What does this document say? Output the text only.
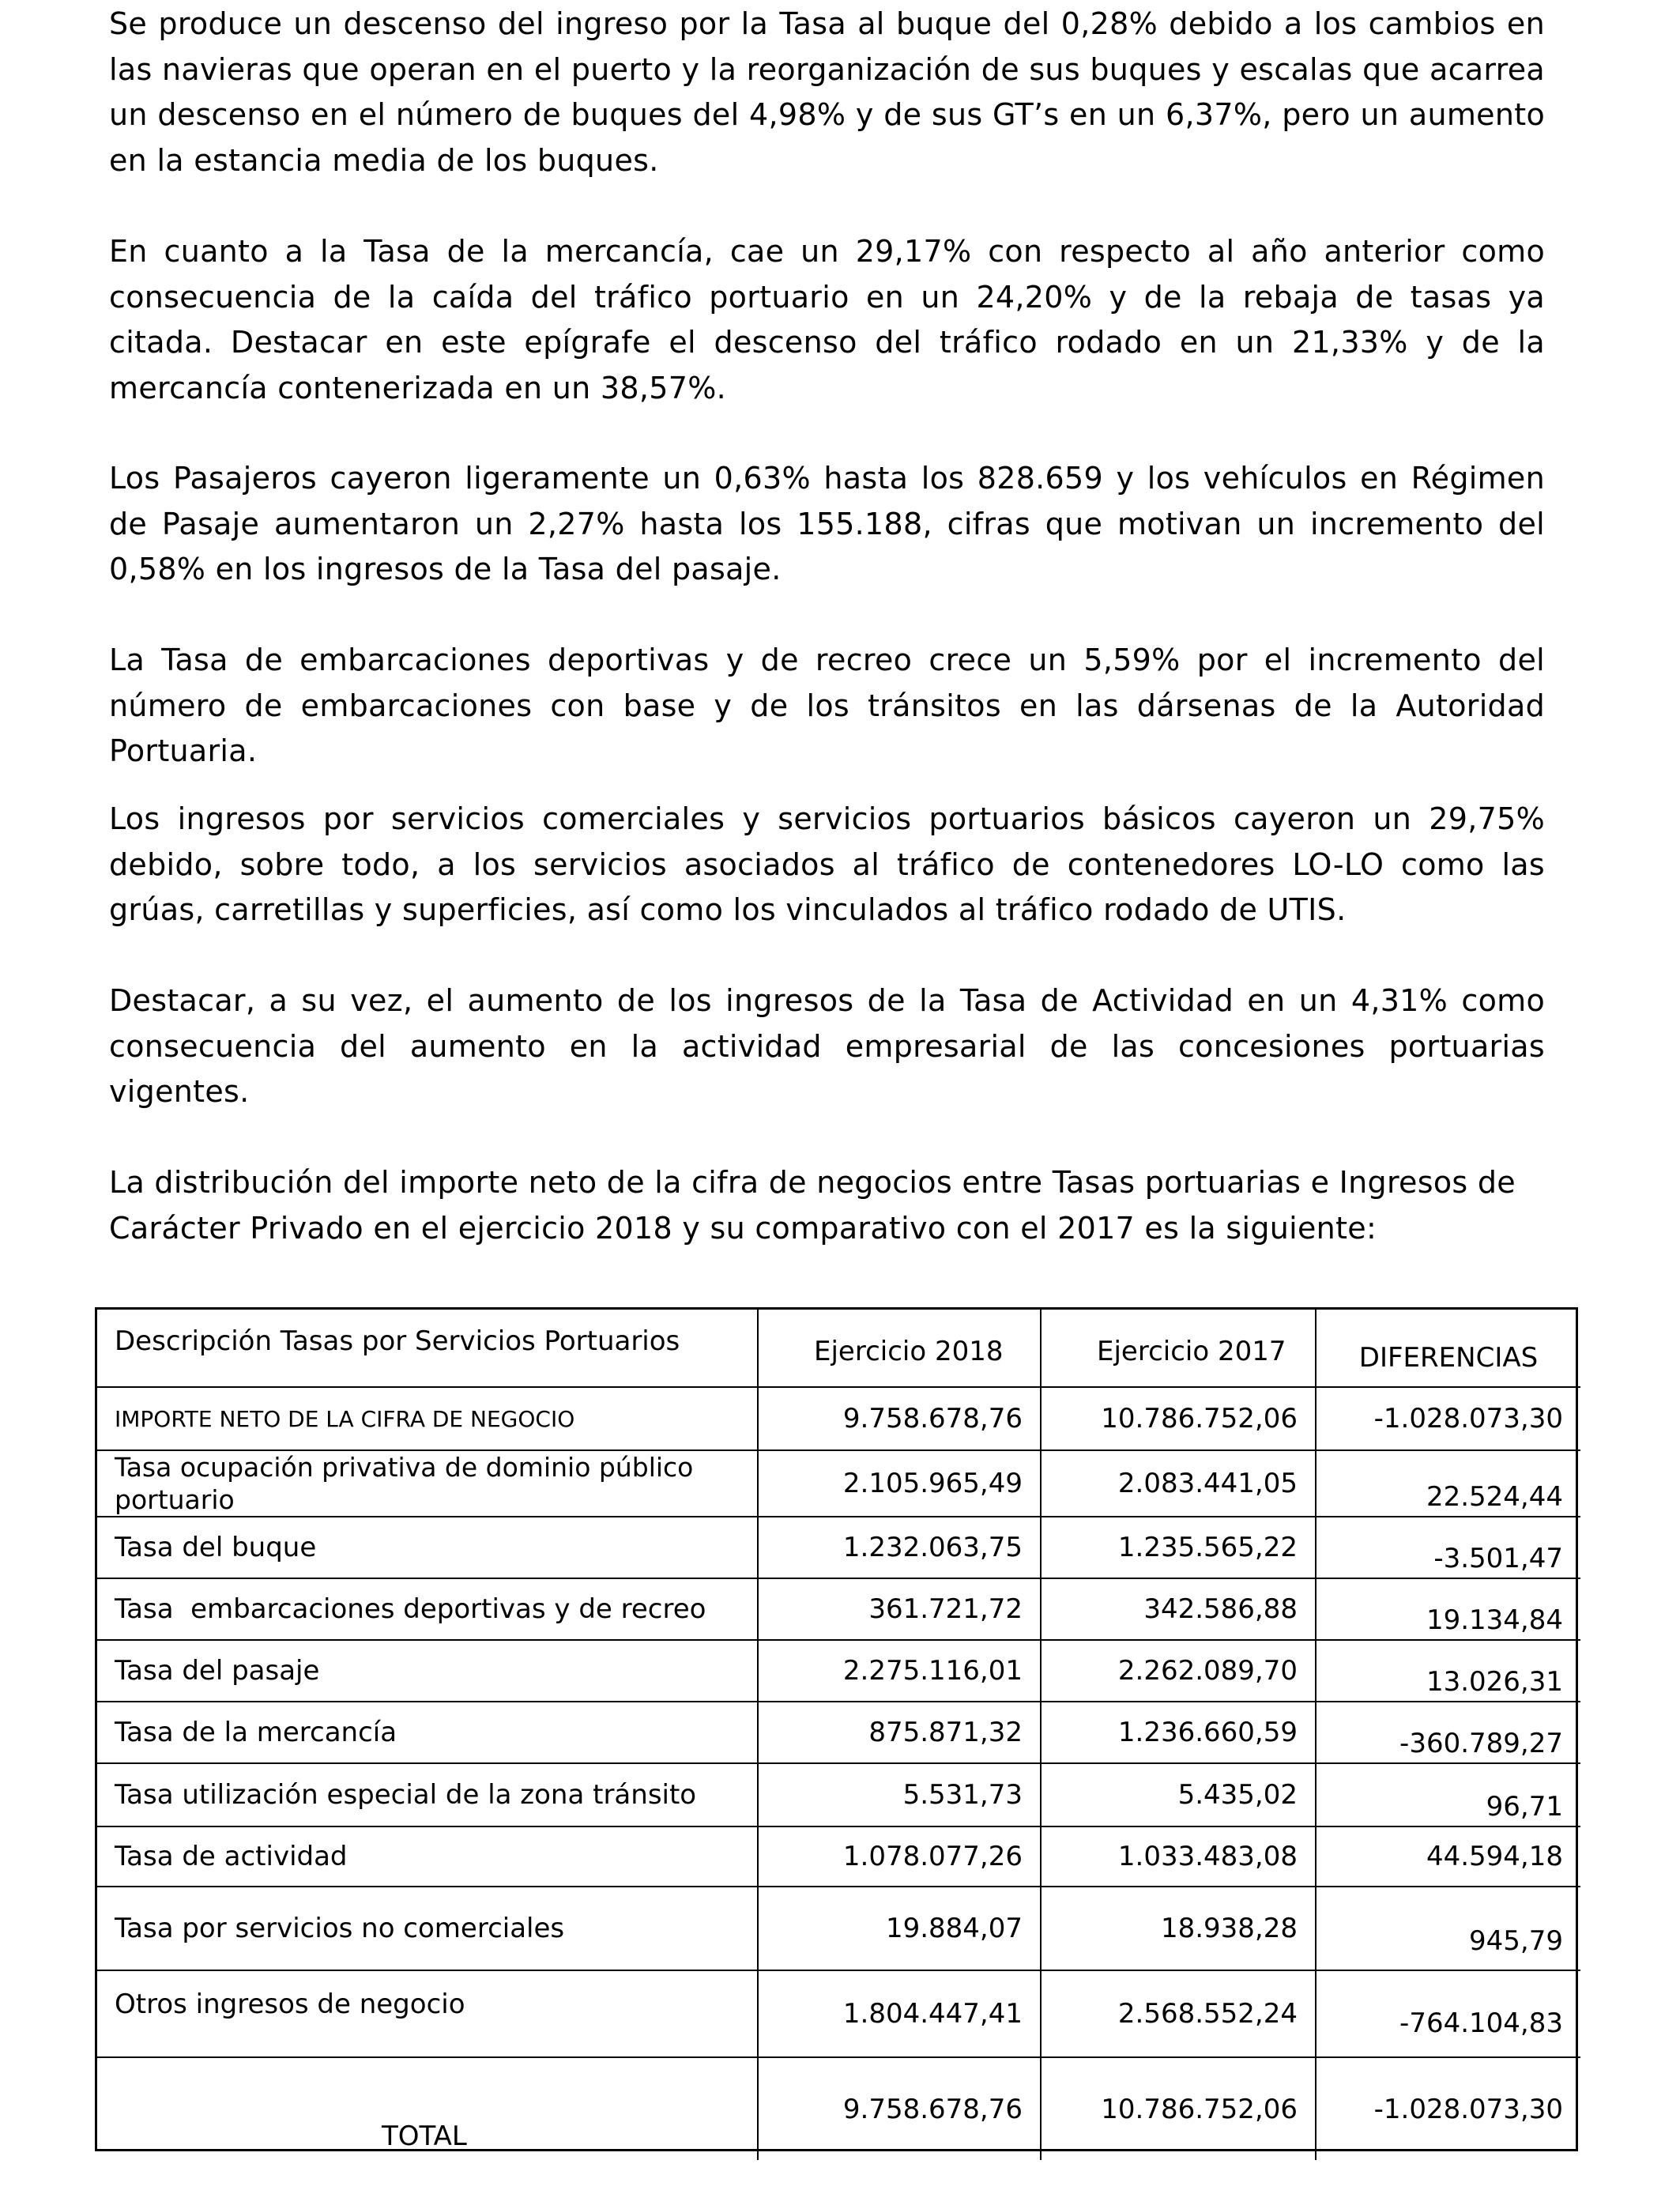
Se produce un descenso del ingreso por la Tasa al buque del 0,28% debido a los cambios en las navieras que operan en el puerto y la reorganización de sus buques y escalas que acarrea un descenso en el número de buques del 4,98% y de sus GT’s en un 6,37%, pero un aumento en la estancia media de los buques.

En cuanto a la Tasa de la mercancía, cae un 29,17% con respecto al año anterior como consecuencia de la caída del tráfico portuario en un 24,20% y de la rebaja de tasas ya citada. Destacar en este epígrafe el descenso del tráfico rodado en un 21,33% y de la mercancía contenerizada en un 38,57%.

Los Pasajeros cayeron ligeramente un 0,63% hasta los 828.659 y los vehículos en Régimen de Pasaje aumentaron un 2,27% hasta los 155.188, cifras que motivan un incremento del 0,58% en los ingresos de la Tasa del pasaje.

La Tasa de embarcaciones deportivas y de recreo crece un 5,59% por el incremento del número de embarcaciones con base y de los tránsitos en las dársenas de la Autoridad Portuaria.

Los ingresos por servicios comerciales y servicios portuarios básicos cayeron un 29,75% debido, sobre todo, a los servicios asociados al tráfico de contenedores LO-LO como las grúas, carretillas y superficies, así como los vinculados al tráfico rodado de UTIS.

Destacar, a su vez, el aumento de los ingresos de la Tasa de Actividad en un 4,31% como consecuencia del aumento en la actividad empresarial de las concesiones portuarias vigentes.

La distribución del importe neto de la cifra de negocios entre Tasas portuarias e Ingresos de Carácter Privado en el ejercicio 2018 y su comparativo con el 2017 es la siguiente:

Descripción Tasas por Servicios Portuarios	Ejercicio 2018	Ejercicio 2017	DIFERENCIAS
IMPORTE NETO DE LA CIFRA DE NEGOCIO	9.758.678,76	10.786.752,06	-1.028.073,30
Tasa ocupación privativa de dominio público portuario	2.105.965,49	2.083.441,05	22.524,44
Tasa del buque	1.232.063,75	1.235.565,22	-3.501,47
Tasa  embarcaciones deportivas y de recreo	361.721,72	342.586,88	19.134,84
Tasa del pasaje	2.275.116,01	2.262.089,70	13.026,31
Tasa de la mercancía	875.871,32	1.236.660,59	-360.789,27
Tasa utilización especial de la zona tránsito	5.531,73	5.435,02	96,71
Tasa de actividad	1.078.077,26	1.033.483,08	44.594,18
Tasa por servicios no comerciales	19.884,07	18.938,28	945,79
Otros ingresos de negocio	1.804.447,41	2.568.552,24	-764.104,83
TOTAL	9.758.678,76	10.786.752,06	-1.028.073,30
